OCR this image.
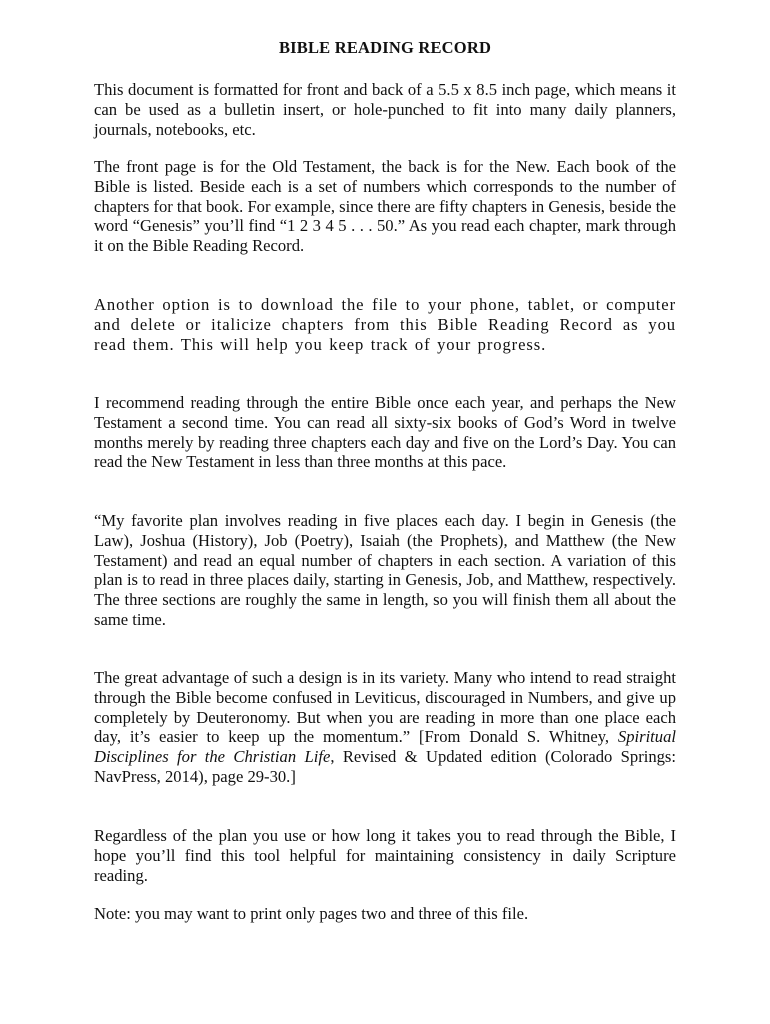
BIBLE READING RECORD

This document is formatted for front and back of a 5.5 x 8.5 inch page, which means it can be used as a bulletin insert, or hole-punched to fit into many daily planners, journals, notebooks, etc.

The front page is for the Old Testament, the back is for the New. Each book of the Bible is listed. Beside each is a set of numbers which corresponds to the number of chapters for that book. For example, since there are fifty chapters in Genesis, beside the word “Genesis” you’ll find “1 2 3 4 5 . . . 50.” As you read each chapter, mark through it on the Bible Reading Record.

Another option is to download the file to your phone, tablet, or computer and delete or italicize chapters from this Bible Reading Record as you read them. This will help you keep track of your progress.

I recommend reading through the entire Bible once each year, and perhaps the New Testament a second time. You can read all sixty-six books of God’s Word in twelve months merely by reading three chapters each day and five on the Lord’s Day. You can read the New Testament in less than three months at this pace.

“My favorite plan involves reading in five places each day. I begin in Genesis (the Law), Joshua (History), Job (Poetry), Isaiah (the Prophets), and Matthew (the New Testament) and read an equal number of chapters in each section. A variation of this plan is to read in three places daily, starting in Genesis, Job, and Matthew, respectively. The three sections are roughly the same in length, so you will finish them all about the same time.

The great advantage of such a design is in its variety. Many who intend to read straight through the Bible become confused in Leviticus, discouraged in Numbers, and give up completely by Deuteronomy. But when you are reading in more than one place each day, it’s easier to keep up the momentum.” [From Donald S. Whitney, Spiritual Disciplines for the Christian Life, Revised & Updated edition (Colorado Springs: NavPress, 2014), page 29-30.]

Regardless of the plan you use or how long it takes you to read through the Bible, I hope you’ll find this tool helpful for maintaining consistency in daily Scripture reading.

Note: you may want to print only pages two and three of this file.
